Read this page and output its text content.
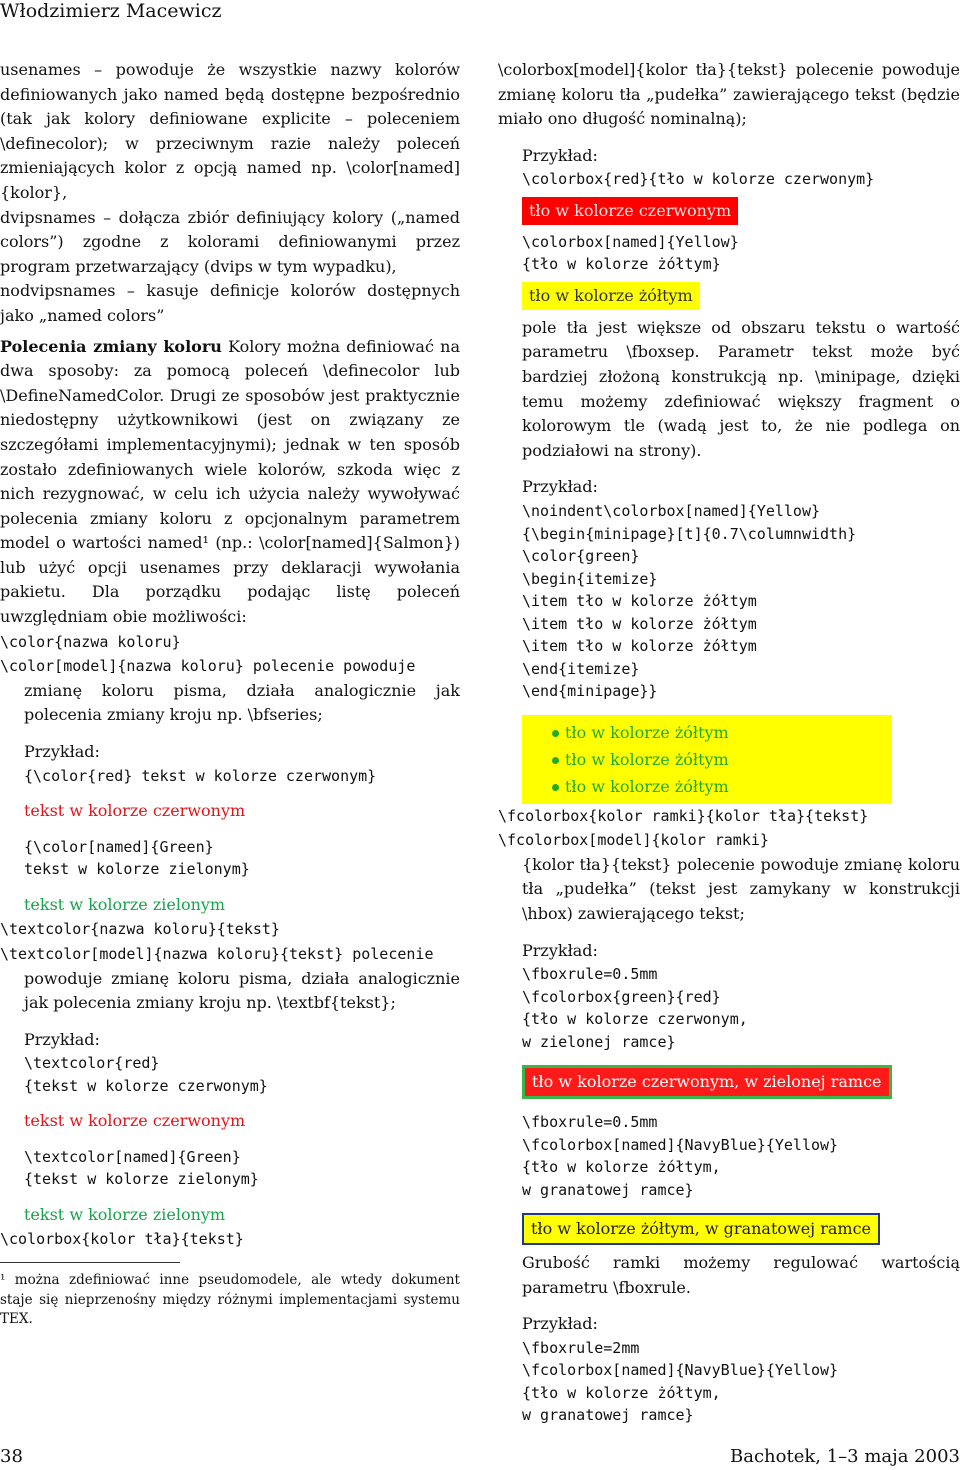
Włodzimierz Macewicz

usenames – powoduje że wszystkie nazwy kolorów definiowanych jako named będą dostępne bezpośrednio (tak jak kolory definiowane explicite – poleceniem \definecolor); w przeciwnym razie należy poleceń zmieniających kolor z opcją named np. \color[named]{kolor},

dvipsnames – dołącza zbiór definiujący kolory („named colors”) zgodne z kolorami definiowanymi przez program przetwarzający (dvips w tym wypadku),

nodvipsnames – kasuje definicje kolorów dostępnych jako „named colors”

Polecenia zmiany koloru Kolory można definiować na dwa sposoby: za pomocą poleceń \definecolor lub \DefineNamedColor. Drugi ze sposobów jest praktycznie niedostępny użytkownikowi (jest on związany ze szczegółami implementacyjnymi); jednak w ten sposób zostało zdefiniowanych wiele kolorów, szkoda więc z nich rezygnować, w celu ich użycia należy wywoływać polecenia zmiany koloru z opcjonalnym parametrem model o wartości named¹ (np.: \color[named]{Salmon}) lub użyć opcji usenames przy deklaracji wywołania pakietu. Dla porządku podając listę poleceń uwzględniam obie możliwości:

\color{nazwa koloru}

\color[model]{nazwa koloru} polecenie powoduje

zmianę koloru pisma, działa analogicznie jak polecenia zmiany kroju np. \bfseries;

Przykład:

{\color{red} tekst w kolorze czerwonym}

tekst w kolorze czerwonym

{\color[named]{Green}
tekst w kolorze zielonym}

tekst w kolorze zielonym

\textcolor{nazwa koloru}{tekst}

\textcolor[model]{nazwa koloru}{tekst} polecenie

powoduje zmianę koloru pisma, działa analogicznie jak polecenia zmiany kroju np. \textbf{tekst};

Przykład:

\textcolor{red}
{tekst w kolorze czerwonym}

tekst w kolorze czerwonym

\textcolor[named]{Green}
{tekst w kolorze zielonym}

tekst w kolorze zielonym

\colorbox{kolor tła}{tekst}

¹ można zdefiniować inne pseudomodele, ale wtedy dokument staje się nieprzenośny między różnymi implementacjami systemu TEX.

\colorbox[model]{kolor tła}{tekst} polecenie powoduje zmianę koloru tła „pudełka” zawierającego tekst (będzie miało ono długość nominalną);

Przykład:

\colorbox{red}{tło w kolorze czerwonym}

tło w kolorze czerwonym

\colorbox[named]{Yellow}
{tło w kolorze żółtym}

tło w kolorze żółtym

pole tła jest większe od obszaru tekstu o wartość parametru \fboxsep. Parametr tekst może być bardziej złożoną konstrukcją np. \minipage, dzięki temu możemy zdefiniować większy fragment o kolorowym tle (wadą jest to, że nie podlega on podziałowi na strony).

Przykład:

\noindent\colorbox[named]{Yellow}
{\begin{minipage}[t]{0.7\columnwidth}
\color{green}
\begin{itemize}
\item tło w kolorze żółtym
\item tło w kolorze żółtym
\item tło w kolorze żółtym
\end{itemize}
\end{minipage}}

tło w kolorze żółtym
tło w kolorze żółtym
tło w kolorze żółtym

\fcolorbox{kolor ramki}{kolor tła}{tekst}

\fcolorbox[model]{kolor ramki}

{kolor tła}{tekst} polecenie powoduje zmianę koloru tła „pudełka” (tekst jest zamykany w konstrukcji \hbox) zawierającego tekst;

Przykład:

\fboxrule=0.5mm
\fcolorbox{green}{red}
{tło w kolorze czerwonym,
w zielonej ramce}

tło w kolorze czerwonym, w zielonej ramce

\fboxrule=0.5mm
\fcolorbox[named]{NavyBlue}{Yellow}
{tło w kolorze żółtym,
w granatowej ramce}

tło w kolorze żółtym, w granatowej ramce

Grubość ramki możemy regulować wartością parametru \fboxrule.

Przykład:

\fboxrule=2mm
\fcolorbox[named]{NavyBlue}{Yellow}
{tło w kolorze żółtym,
w granatowej ramce}

38	Bachotek, 1–3 maja 2003
